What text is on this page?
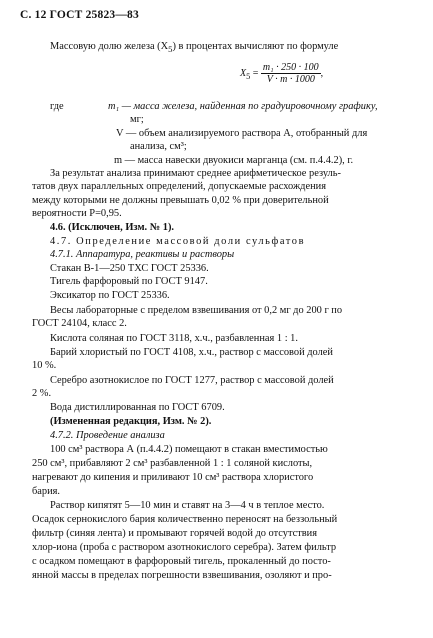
С. 12 ГОСТ 25823—83
Массовую долю железа $(X_5)$ в процентах вычисляют по формуле
$X_5 = \frac{\text{m₁ · 250 · 100}}{V \cdot m \cdot 1000}$ ,
где	m₁ — масса железа, найденная по градуировочному графику,
мг;
V — объем анализируемого раствора А, отобранный для
анализа, см³;
m — масса навески двуокиси марганца (см. п.4.4.2), г.
За результат анализа принимают среднее арифметическое резуль-
татов двух параллельных определений, допускаемые расхождения
между которыми не должны превышать 0,02 % при доверительной
вероятности P=0,95.
4.6. (Исключен, Изм. № 1).
4.7. Определение массовой доли сульфатов
4.7.1. Аппаратура, реактивы и растворы
Стакан В-1—250 ТХС ГОСТ 25336.
Тигель фарфоровый по ГОСТ 9147.
Эксикатор по ГОСТ 25336.
Весы лабораторные с пределом взвешивания от 0,2 мг до 200 г по
ГОСТ 24104, класс 2.
Кислота соляная по ГОСТ 3118, х.ч., разбавленная 1 : 1.
Барий хлористый по ГОСТ 4108, х.ч., раствор с массовой долей
10 %.
Серебро азотнокислое по ГОСТ 1277, раствор с массовой долей
2 %.
Вода дистиллированная по ГОСТ 6709.
(Измененная редакция, Изм. № 2).
4.7.2. Проведение анализа
100 см³ раствора А (п.4.4.2) помещают в стакан вместимостью
250 см³, прибавляют 2 см³ разбавленной 1 : 1 соляной кислоты,
нагревают до кипения и приливают 10 см³ раствора хлористого
бария.
Раствор кипятят 5—10 мин и ставят на 3—4 ч в теплое место.
Осадок сернокислого бария количественно переносят на беззольный
фильтр (синяя лента) и промывают горячей водой до отсутствия
хлор-иона (проба с раствором азотнокислого серебра). Затем фильтр
с осадком помещают в фарфоровый тигель, прокаленный до посто-
янной массы в пределах погрешности взвешивания, озоляют и про-
